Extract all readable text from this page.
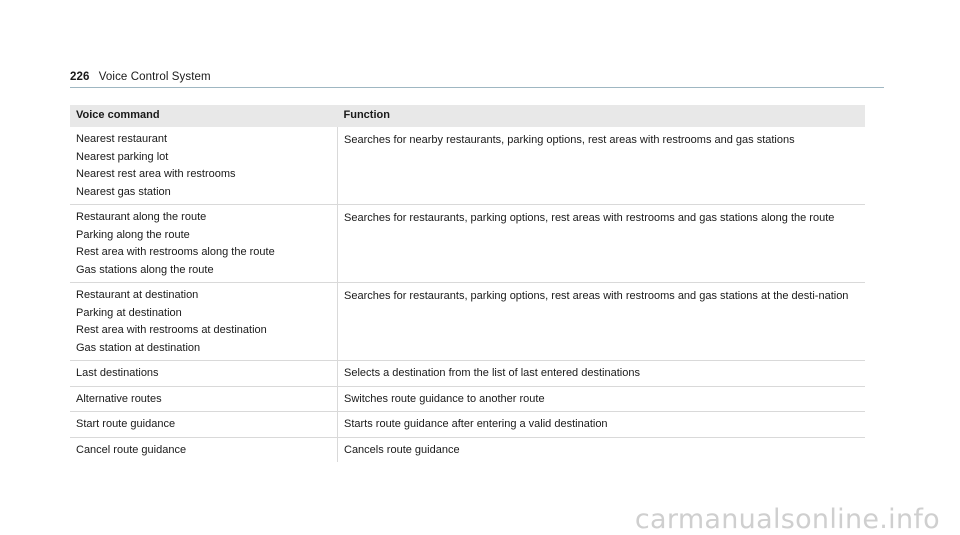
226 Voice Control System
Voice command	Function

Nearest restaurant
Nearest parking lot
Nearest rest area with restrooms
Nearest gas station	Searches for nearby restaurants, parking options, rest areas with restrooms and gas stations

Restaurant along the route
Parking along the route
Rest area with restrooms along the route
Gas stations along the route	Searches for restaurants, parking options, rest areas with restrooms and gas stations along the route

Restaurant at destination
Parking at destination
Rest area with restrooms at destination
Gas station at destination	Searches for restaurants, parking options, rest areas with restrooms and gas stations at the desti-nation
Last destinations	Selects a destination from the list of last entered destinations
Alternative routes	Switches route guidance to another route
Start route guidance	Starts route guidance after entering a valid destination
Cancel route guidance	Cancels route guidance
carmanualsonline.info
